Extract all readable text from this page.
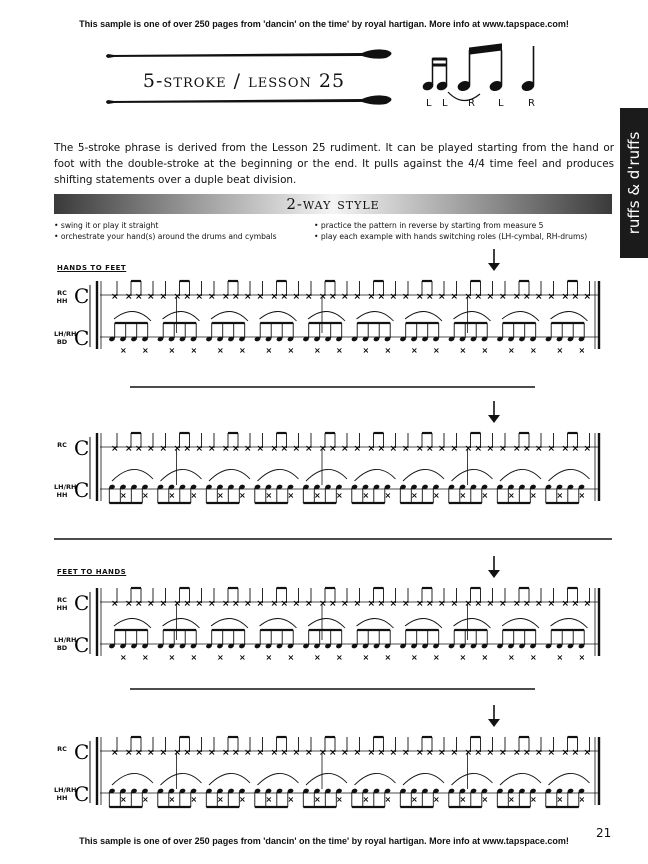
This sample is one of over 250 pages from 'dancin' on the time' by royal hartigan. More info at www.tapspace.com!
5-stroke / lesson 25
L L R L R
ruffs & d'ruffs
The 5-stroke phrase is derived from the Lesson 25 rudiment. It can be played starting from the hand or foot with the double-stroke at the beginning or the end. It pulls against the 4/4 time feel and produces shifting statements over a duple beat division.
2-way style
• swing it or play it straight
• orchestrate your hand(s) around the drums and cymbals
• practice the pattern in reverse by starting from measure 5
• play each example with hands switching roles (LH-cymbal, RH-drums)
HANDS TO FEET
FEET TO HANDS
RC
HH
LH/RH
BD
RC
LH/RH
HH
RC
HH
LH/RH
BD
RC
LH/RH
HH
C
C
× × × ×
× ×
× × × ×
× ×
× × × ×
× ×
× × × ×
× ×
× × × ×
× ×
× × × ×
× ×
× × × ×
× ×
× × × ×
× ×
× × × ×
× ×
× × × ×
× ×
C
C
× × × ×
× ×
× × × ×
× ×
× × × ×
× ×
× × × ×
× ×
× × × ×
× ×
× × × ×
× ×
× × × ×
× ×
× × × ×
× ×
× × × ×
× ×
× × × ×
× ×
C
C
× × × ×
× ×
× × × ×
× ×
× × × ×
× ×
× × × ×
× ×
× × × ×
× ×
× × × ×
× ×
× × × ×
× ×
× × × ×
× ×
× × × ×
× ×
× × × ×
× ×
C
C
× × × ×
× ×
× × × ×
× ×
× × × ×
× ×
× × × ×
× ×
× × × ×
× ×
× × × ×
× ×
× × × ×
× ×
× × × ×
× ×
× × × ×
× ×
× × × ×
× ×
This sample is one of over 250 pages from 'dancin' on the time' by royal hartigan. More info at www.tapspace.com!
21
